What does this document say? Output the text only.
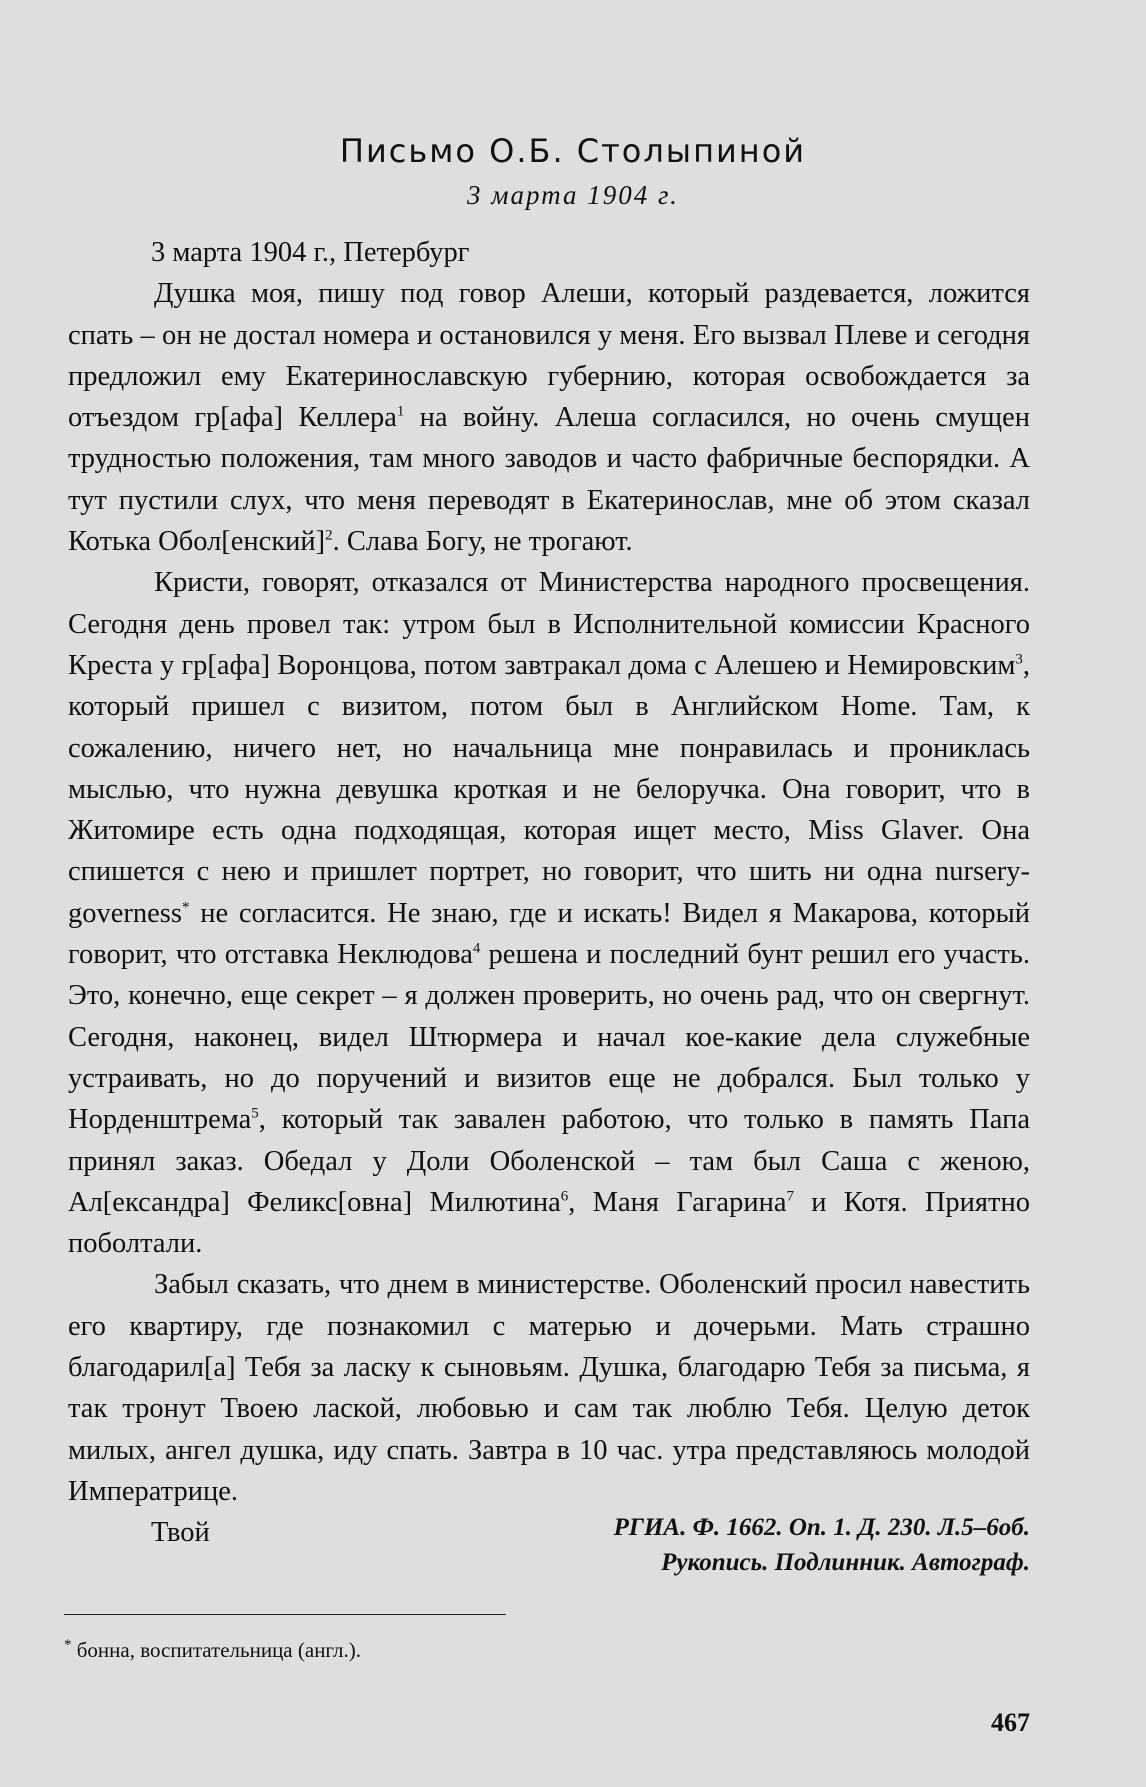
Письмо О.Б. Столыпиной
3 марта 1904 г.

3 марта 1904 г., Петербург

Душка моя, пишу под говор Алеши, который раздевается, ложится спать – он не достал номера и остановился у меня. Его вызвал Плеве и сегодня предложил ему Екатеринославскую губернию, которая освобождается за отъездом гр[афа] Келлера$^1$ на войну. Алеша согласился, но очень смущен трудностью положения, там много заводов и часто фабричные беспорядки. А тут пустили слух, что меня переводят в Екатеринослав, мне об этом сказал Котька Обол[енский]$^2$. Слава Богу, не трогают.

Кристи, говорят, отказался от Министерства народного просвещения. Сегодня день провел так: утром был в Исполнительной комиссии Красного Креста у гр[афа] Воронцова, потом завтракал дома с Алешею и Немировским$^3$, который пришел с визитом, потом был в Английском Home. Там, к сожалению, ничего нет, но начальница мне понравилась и прониклась мыслью, что нужна девушка кроткая и не белоручка. Она говорит, что в Житомире есть одна подходящая, которая ищет место, Miss Glaver. Она спишется с нею и пришлет портрет, но говорит, что шить ни одна nursery-governess* не согласится. Не знаю, где и искать! Видел я Макарова, который говорит, что отставка Неклюдова$^4$ решена и последний бунт решил его участь. Это, конечно, еще секрет – я должен проверить, но очень рад, что он свергнут. Сегодня, наконец, видел Штюрмера и начал кое-какие дела служебные устраивать, но до поручений и визитов еще не добрался. Был только у Норденштрема$^5$, который так завален работою, что только в память Папа принял заказ. Обедал у Доли Оболенской – там был Саша с женою, Ал[ександра] Феликс[овна] Милютина$^6$, Маня Гагарина$^7$ и Котя. Приятно поболтали.

Забыл сказать, что днем в министерстве. Оболенский просил навестить его квартиру, где познакомил с матерью и дочерьми. Мать страшно благодарил[а] Тебя за ласку к сыновьям. Душка, благодарю Тебя за письма, я так тронут Твоею лаской, любовью и сам так люблю Тебя. Целую деток милых, ангел душка, иду спать. Завтра в 10 час. утра представляюсь молодой Императрице.

Твой	РГИА. Ф. 1662. Оп. 1. Д. 230. Л.5–6об.
Рукопись. Подлинник. Автограф.
* бонна, воспитательница (англ.).
467
